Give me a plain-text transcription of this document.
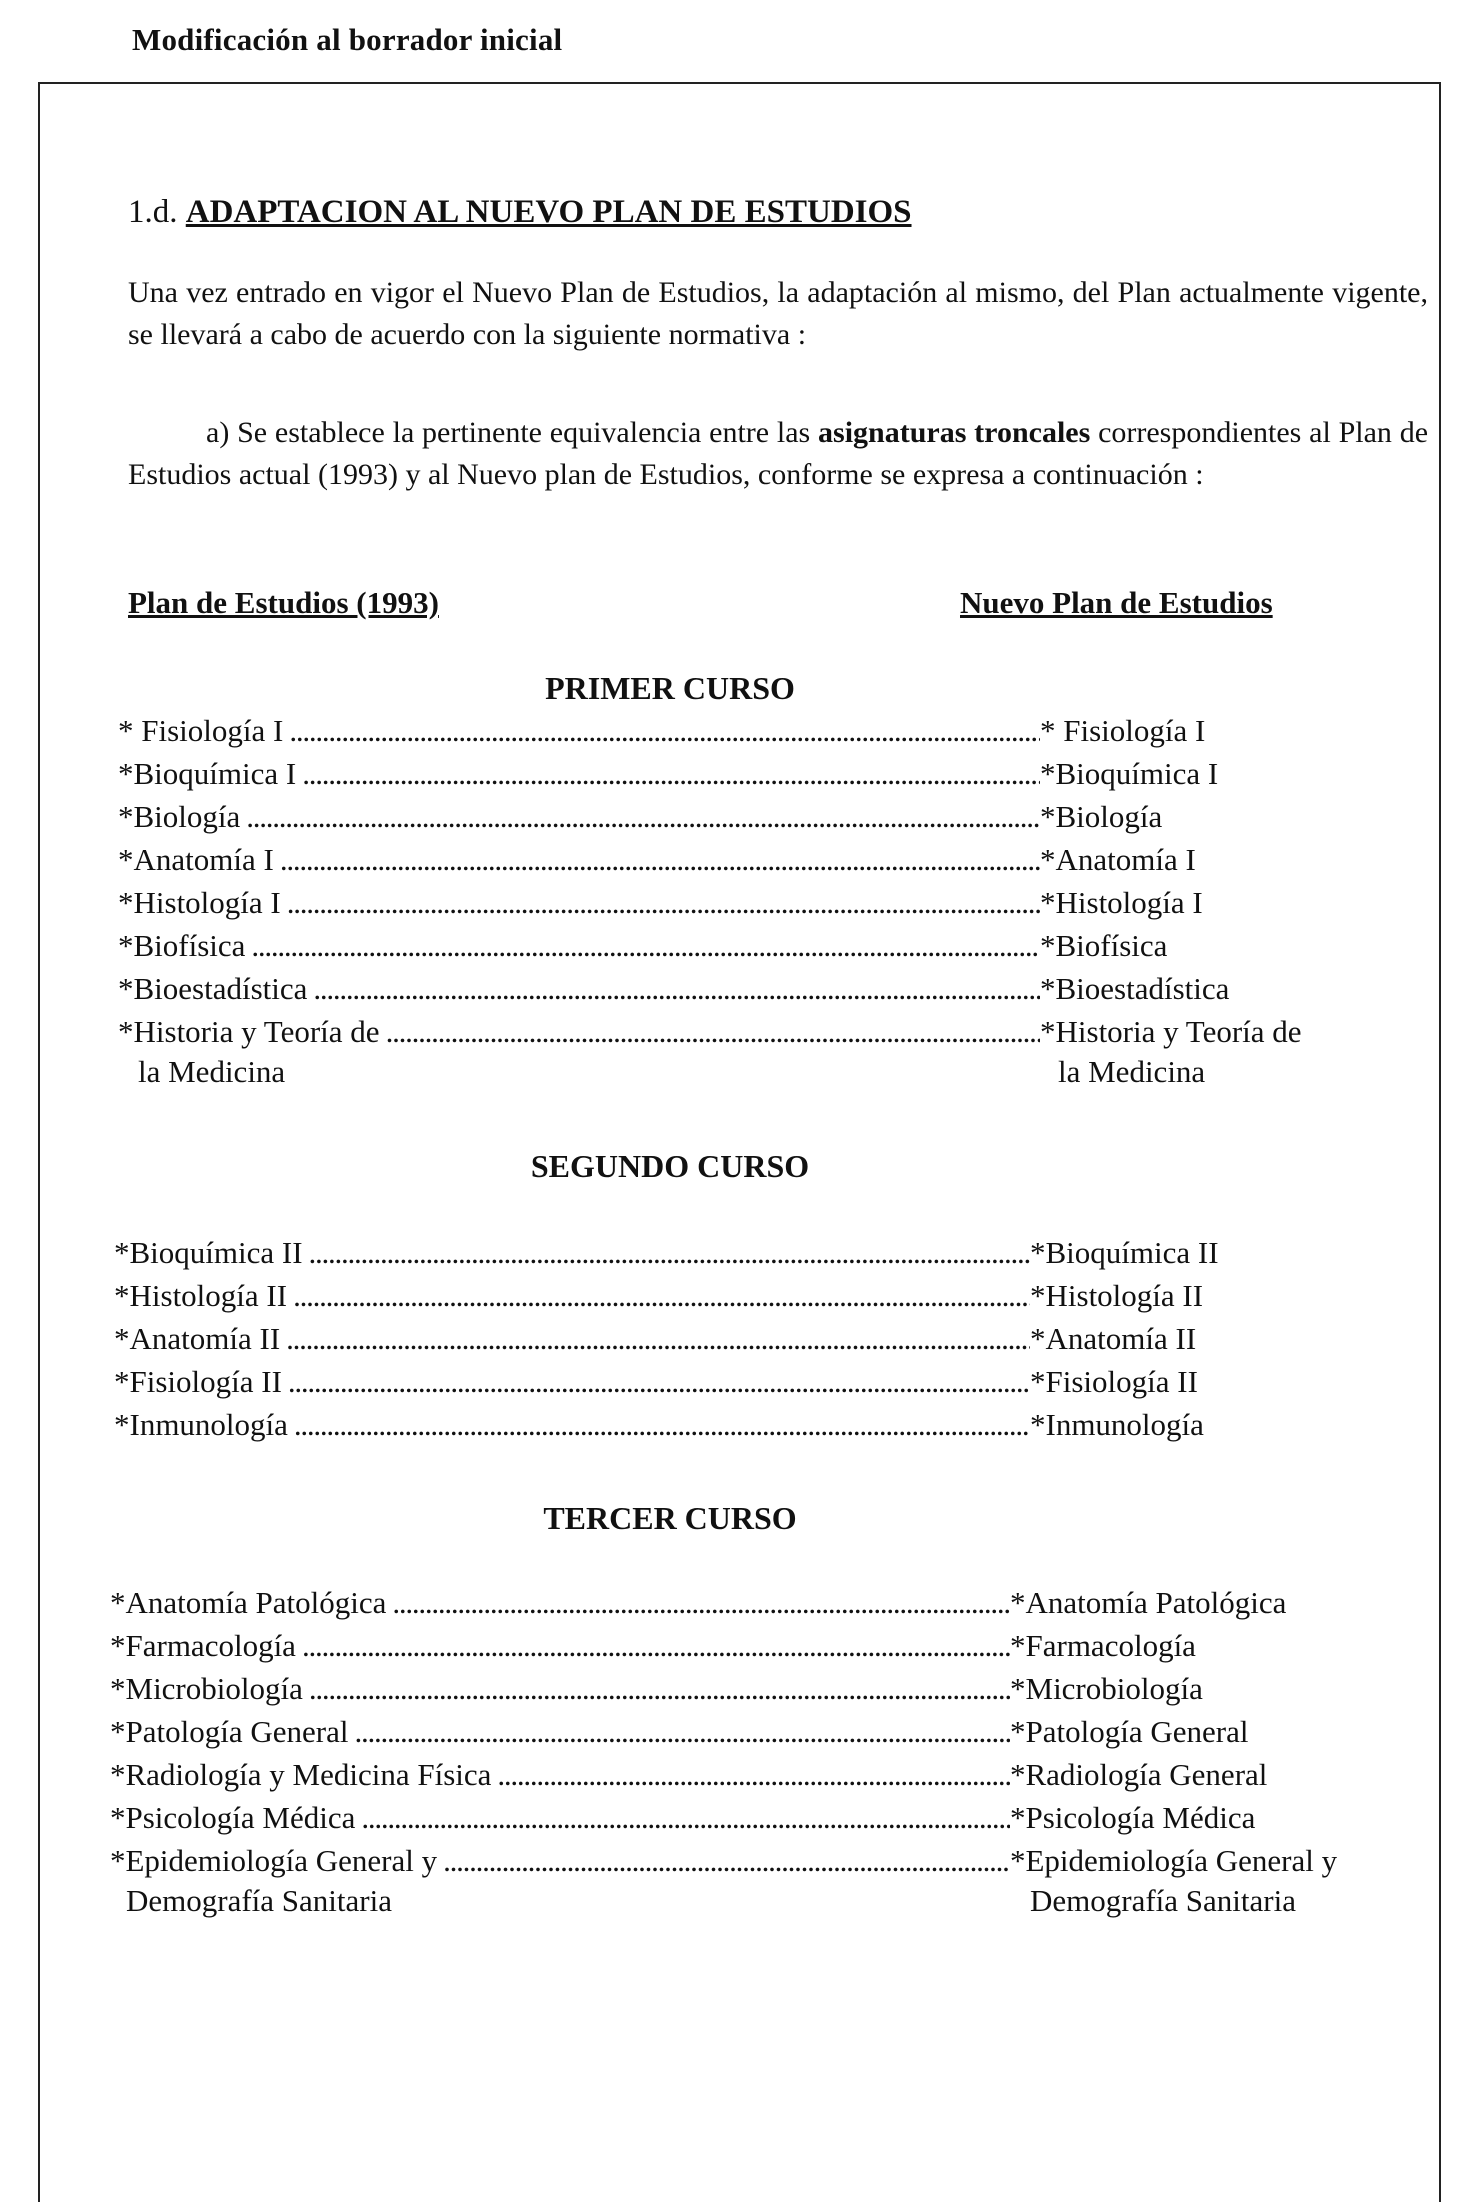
Modificación al borrador inicial
1.d. ADAPTACION AL NUEVO PLAN DE ESTUDIOS
Una vez entrado en vigor el Nuevo Plan de Estudios, la adaptación al mismo, del Plan actualmente vigente, se llevará a cabo de acuerdo con la siguiente normativa :
a) Se establece la pertinente equivalencia entre las asignaturas troncales correspondientes al Plan de Estudios actual (1993) y al Nuevo plan de Estudios, conforme se expresa a continuación :
Plan de Estudios (1993)	Nuevo Plan de Estudios
PRIMER CURSO
* Fisiología I . . .	* Fisiología I
*Bioquímica I . . .	*Bioquímica I
*Biología . . .	*Biología
*Anatomía I . . .	*Anatomía I
*Histología I . . .	*Histología I
*Biofísica . . .	*Biofísica
*Bioestadística . . .	*Bioestadística
*Historia y Teoría de . . .	*Historia y Teoría de
la Medicina	la Medicina
SEGUNDO CURSO
*Bioquímica II . . .	*Bioquímica II
*Histología II . . .	*Histología II
*Anatomía II . . .	*Anatomía II
*Fisiología II . . .	*Fisiología II
*Inmunología . . .	*Inmunología
TERCER CURSO
*Anatomía Patológica . . .	*Anatomía Patológica
*Farmacología . . .	*Farmacología
*Microbiología . . .	*Microbiología
*Patología General . . .	*Patología General
*Radiología y Medicina Física . . .	*Radiología General
*Psicología Médica . . .	*Psicología Médica
*Epidemiología General y . . .	*Epidemiología General y
Demografía Sanitaria	Demografía Sanitaria
